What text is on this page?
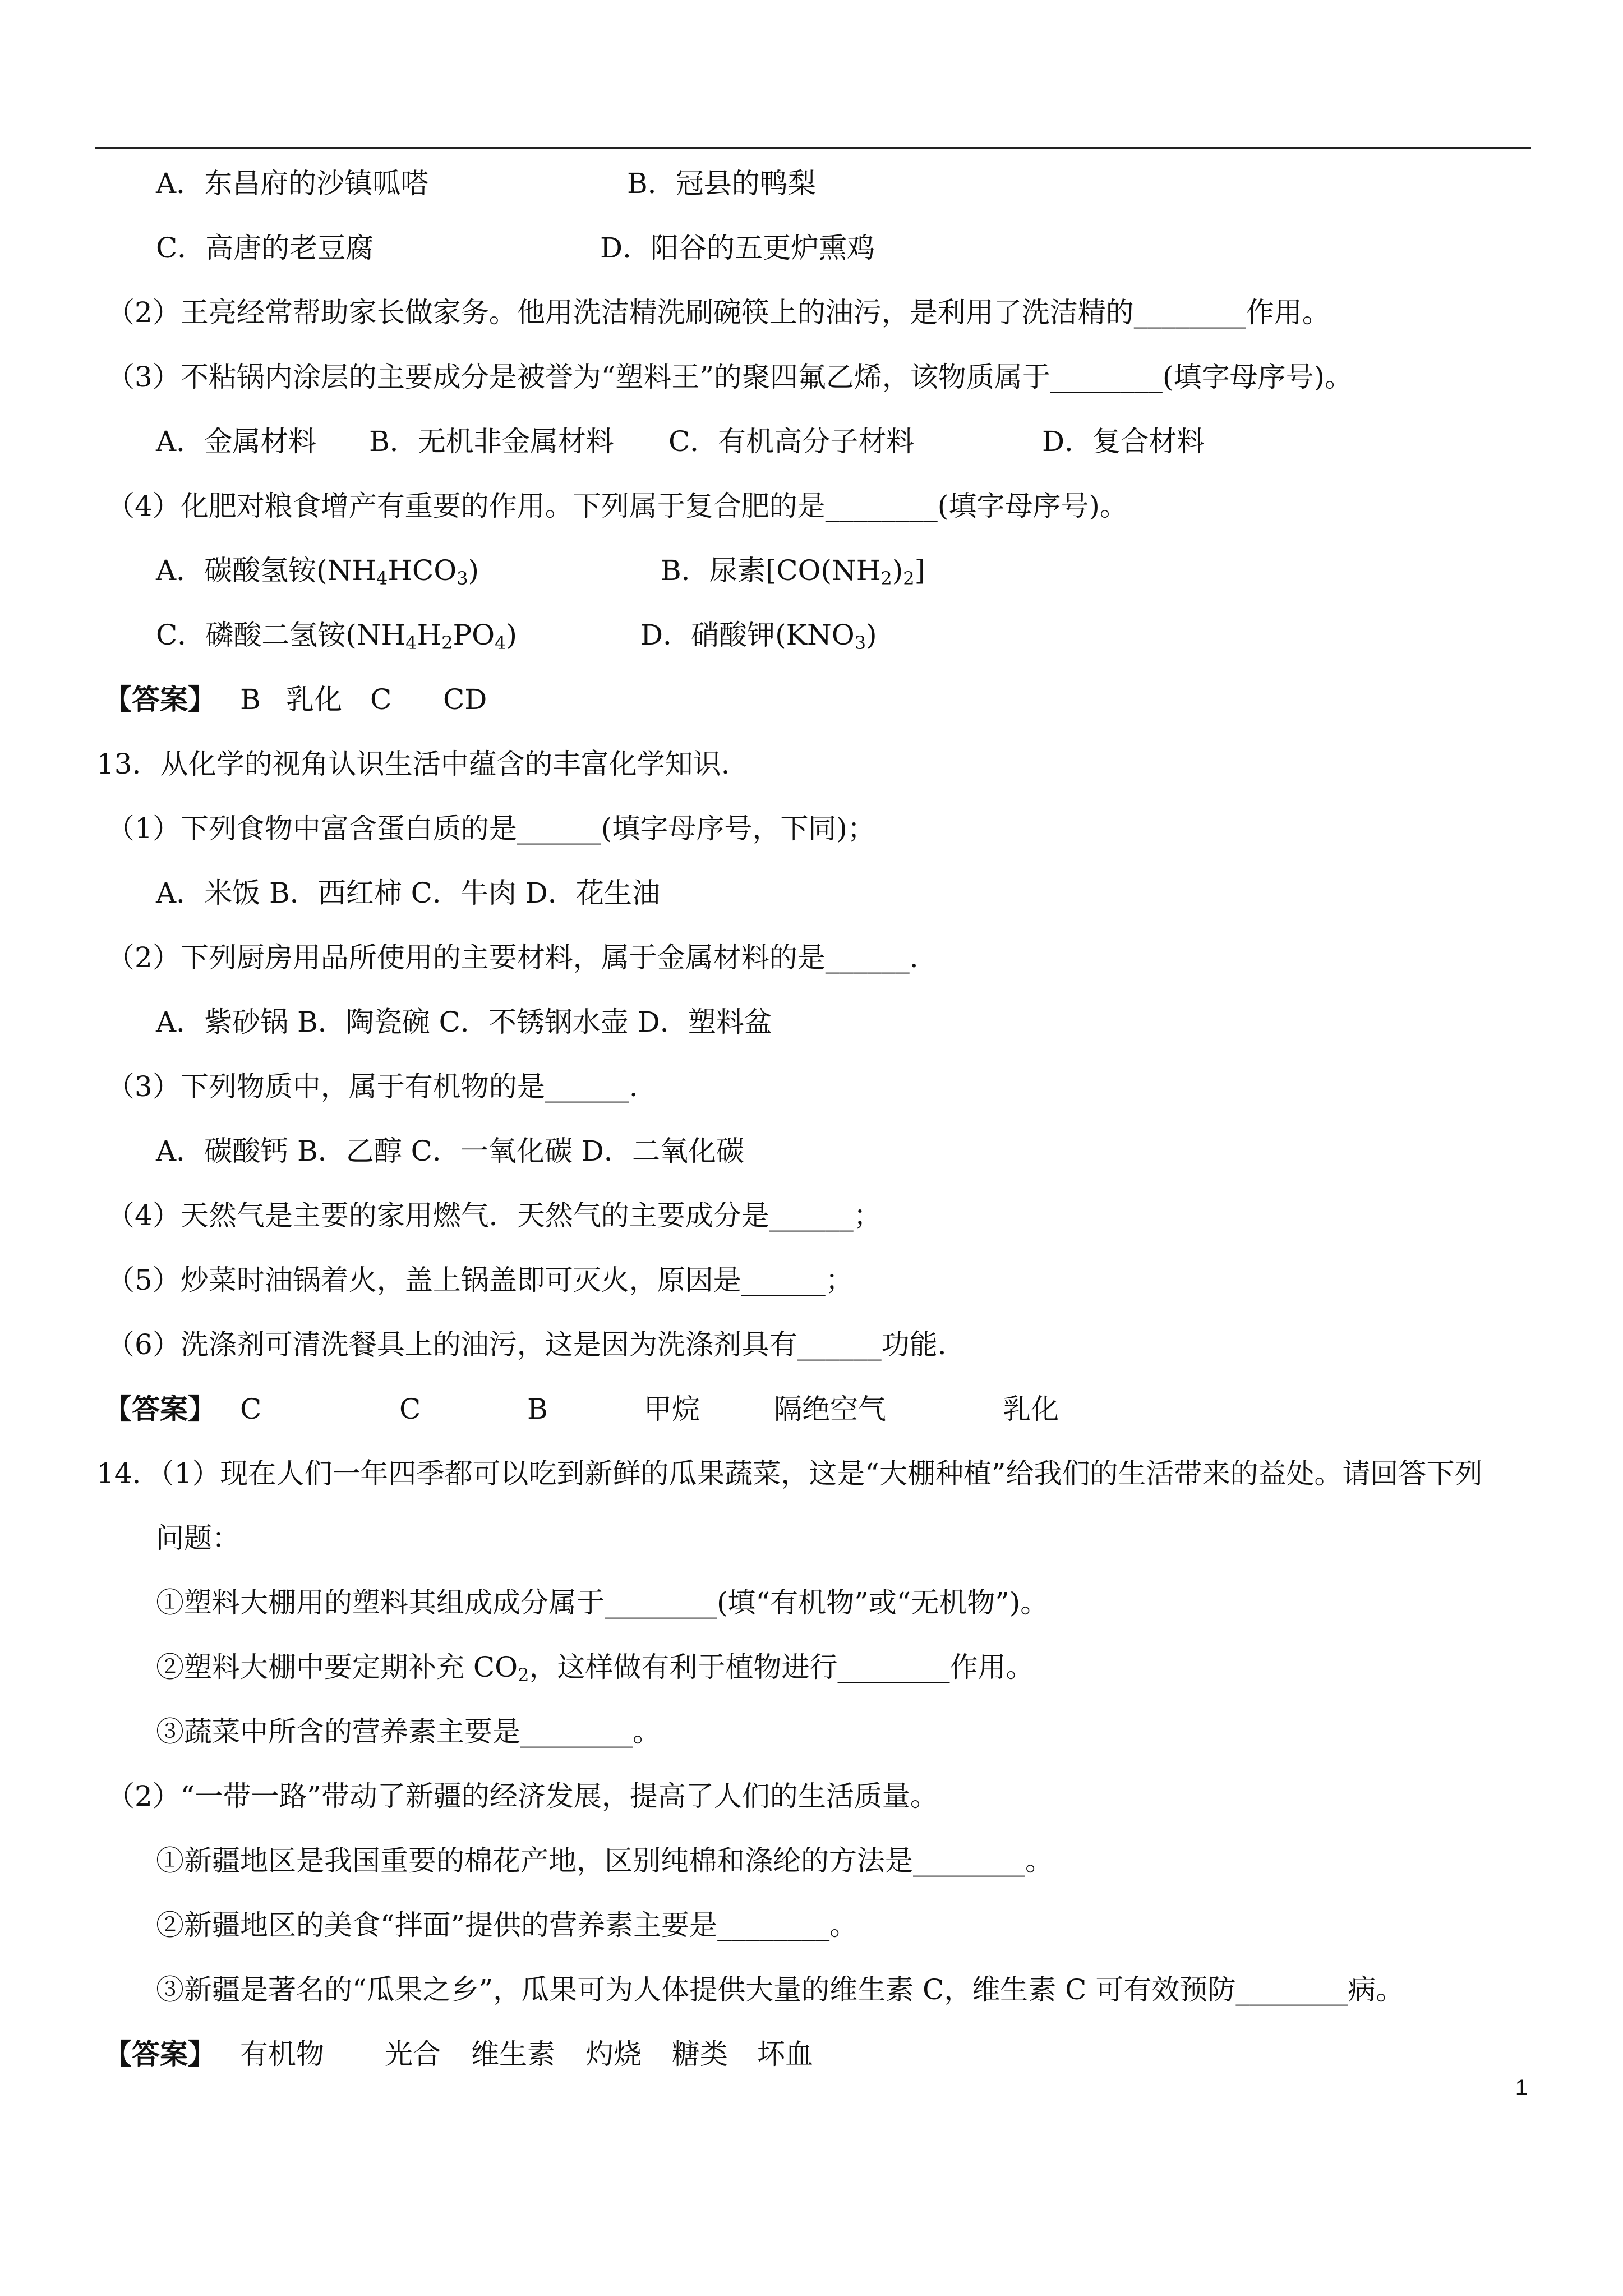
A．东昌府的沙镇呱嗒	B．冠县的鸭梨
C．高唐的老豆腐	D．阳谷的五更炉熏鸡
（2）王亮经常帮助家长做家务。他用洗洁精洗刷碗筷上的油污，是利用了洗洁精的________作用。
（3）不粘锅内涂层的主要成分是被誉为“塑料王”的聚四氟乙烯，该物质属于________(填字母序号)。
A．金属材料 B．无机非金属材料 C．有机高分子材料	D．复合材料
（4）化肥对粮食增产有重要的作用。下列属于复合肥的是________(填字母序号)。
A．碳酸氢铵$(NH_4HCO_3)$	B．尿素$[CO(NH_2)_2]$
C．磷酸二氢铵$(NH_4H_2PO_4)$	D．硝酸钾$(KNO_3)$
【答案】 B 乳化 C CD
13．从化学的视角认识生活中蕴含的丰富化学知识.
（1）下列食物中富含蛋白质的是______(填字母序号，下同)；
A．米饭 B．西红柿 C．牛肉 D．花生油
（2）下列厨房用品所使用的主要材料，属于金属材料的是______.
A．紫砂锅 B．陶瓷碗 C．不锈钢水壶 D．塑料盆
（3）下列物质中，属于有机物的是______.
A．碳酸钙 B．乙醇 C．一氧化碳 D．二氧化碳
（4）天然气是主要的家用燃气．天然气的主要成分是______；
（5）炒菜时油锅着火，盖上锅盖即可灭火，原因是______；
（6）洗涤剂可清洗餐具上的油污，这是因为洗涤剂具有______功能.
【答案】 C	C	B	甲烷	隔绝空气	乳化
14．（1）现在人们一年四季都可以吃到新鲜的瓜果蔬菜，这是“大棚种植”给我们的生活带来的益处。请回答下列
问题：
①塑料大棚用的塑料其组成成分属于________(填“有机物”或“无机物”)。
②塑料大棚中要定期补充 $CO_2$，这样做有利于植物进行________作用。
③蔬菜中所含的营养素主要是________。
（2）“一带一路”带动了新疆的经济发展，提高了人们的生活质量。
①新疆地区是我国重要的棉花产地，区别纯棉和涤纶的方法是________。
②新疆地区的美食“拌面”提供的营养素主要是________。
③新疆是著名的“瓜果之乡”，瓜果可为人体提供大量的维生素 C，维生素 C 可有效预防________病。
【答案】 有机物 光合 维生素 灼烧 糖类 坏血
1
